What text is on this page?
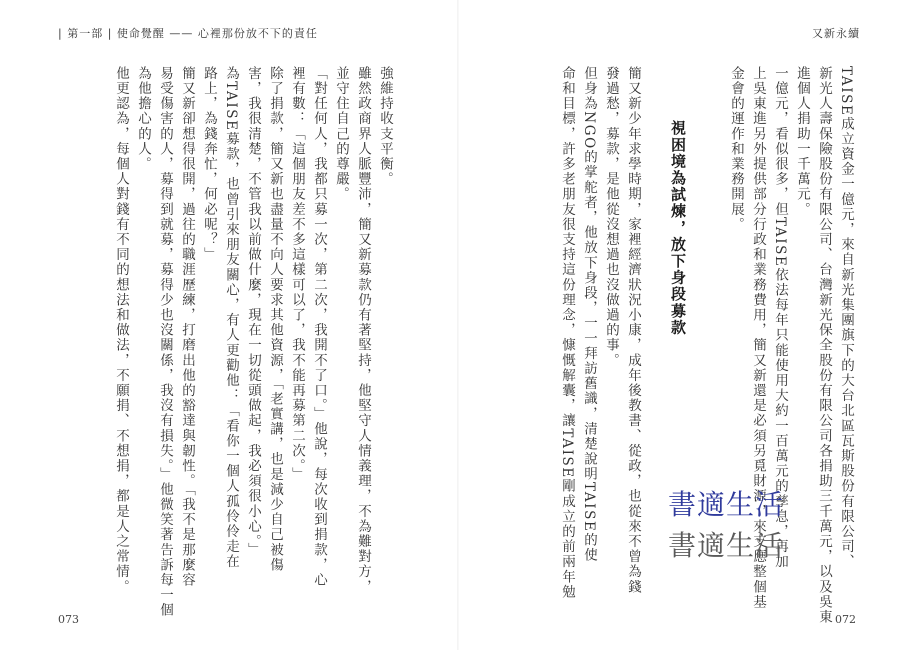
| 第一部 | 使命覺醒 —— 心裡那份放不下的責任	又新永續
TAISE成立資金一億元，來自新光集團旗下的大台北區瓦斯股份有限公司、
新光人壽保險股份有限公司、台灣新光保全股份有限公司各捐助三千萬元，以及吳東
進個人捐助一千萬元。
一億元，看似很多，但TAISE依法每年只能使用大約一百萬元的孳息，再加
上吳東進另外提供部分行政和業務費用，簡又新還是必須另覓財源，來支應整個基
金會的運作和業務開展。
視困境為試煉，放下身段募款
簡又新少年求學時期，家裡經濟狀況小康，成年後教書、從政，也從來不曾為錢
發過愁，募款，是他從沒想過也沒做過的事。
但身為NGO的掌舵者，他放下身段，一一拜訪舊識，清楚說明TAISE的使
命和目標，許多老朋友很支持這份理念，慷慨解囊，讓TAISE剛成立的前兩年勉
強維持收支平衡。
雖然政商界人脈豐沛，簡又新募款仍有著堅持，他堅守人情義理，不為難對方，
並守住自己的尊嚴。
「對任何人，我都只募一次，第二次，我開不了口。」他說，每次收到捐款，心
裡有數：「這個朋友差不多這樣可以了，我不能再募第二次。」
除了捐款，簡又新也盡量不向人要求其他資源，「老實講，也是減少自己被傷
害，我很清楚，不管我以前做什麼，現在一切從頭做起，我必須很小心。」
為TAISE募款，也曾引來朋友關心，有人更勸他：「看你一個人孤伶伶走在
路上，為錢奔忙，何必呢？」
簡又新卻想得很開，過往的職涯歷練，打磨出他的豁達與韌性。「我不是那麼容
易受傷害的人，募得到就募，募得少也沒關係，我沒有損失。」他微笑著告訴每一個
為他擔心的人。
他更認為，每個人對錢有不同的想法和做法，不願捐、不想捐，都是人之常情。	書適生活
書適生活
073	072
